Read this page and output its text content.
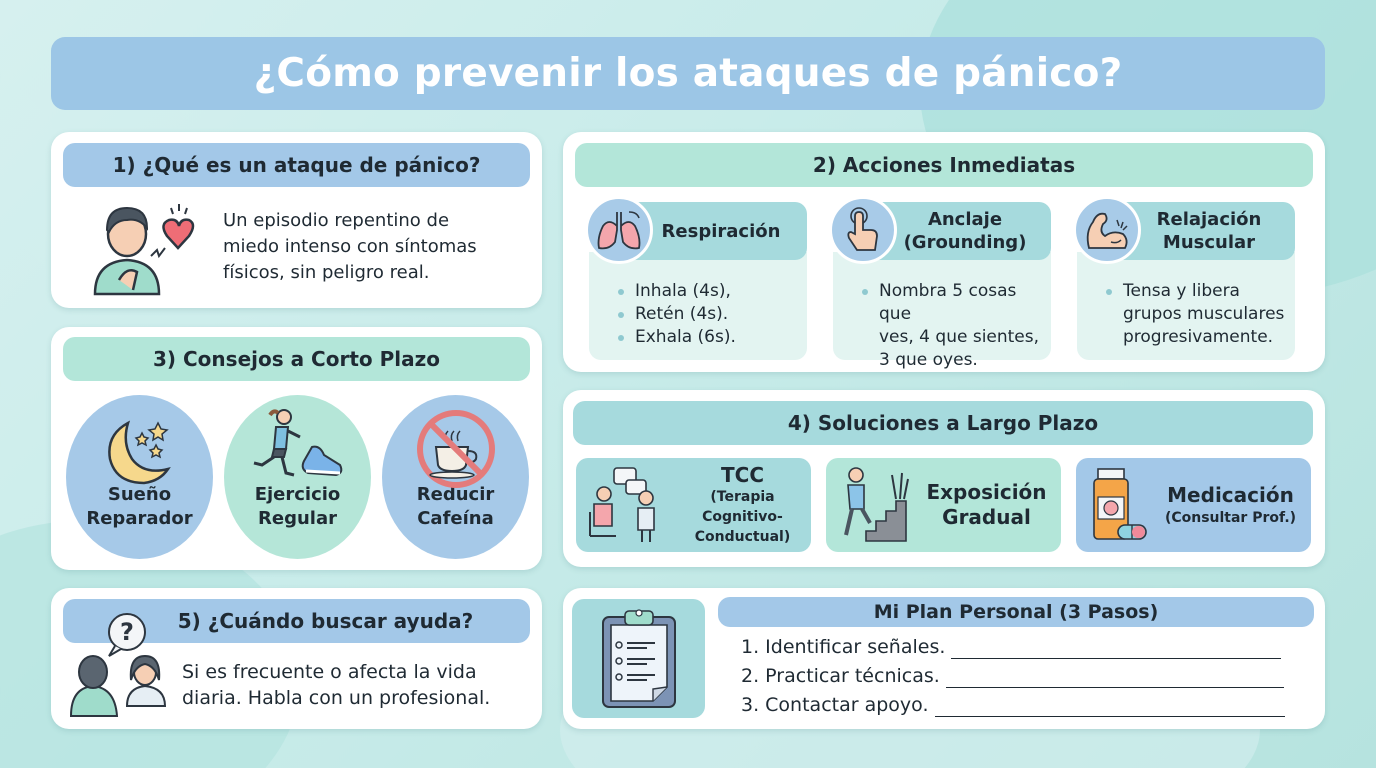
¿Cómo prevenir los ataques de pánico?
1) ¿Qué es un ataque de pánico?
Un episodio repentino de
miedo intenso con síntomas
físicos, sin peligro real.
3) Consejos a Corto Plazo
Sueño
Reparador
Ejercicio
Regular
Reducir
Cafeína
5) ¿Cuándo buscar ayuda?
?
Si es frecuente o afecta la vida
diaria. Habla con un profesional.
2) Acciones Inmediatas
Inhala (4s),
Retén (4s).
Exhala (6s).
Respiración
Nombra 5 cosas que
ves, 4 que sientes,
3 que oyes.
Anclaje
(Grounding)
Tensa y libera
grupos musculares
progresivamente.
Relajación
Muscular
4) Soluciones a Largo Plazo
TCC
(Terapia
Cognitivo-
Conductual)
Exposición
Gradual
Medicación
(Consultar Prof.)
Mi Plan Personal (3 Pasos)
1. Identificar señales.
2. Practicar técnicas.
3. Contactar apoyo.
